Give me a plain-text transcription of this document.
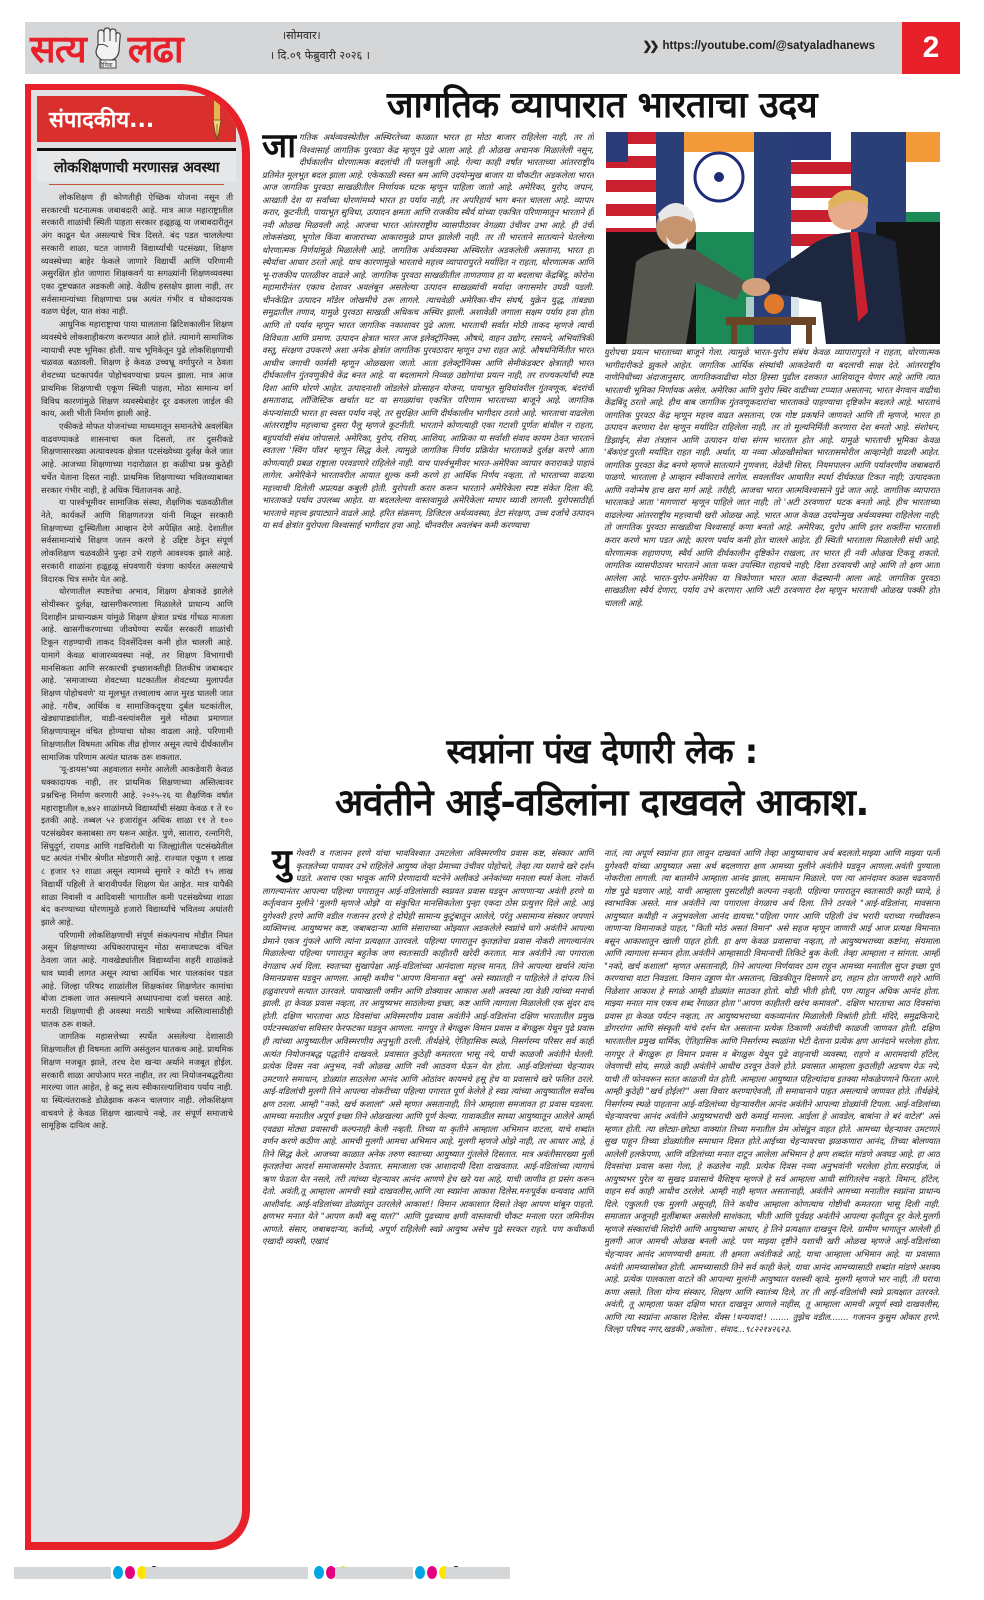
सत्य दैनिक लढा	।सोमवार।
। दि.०९ फेब्रुवारी २०२६ ।
❯❯ https://youtube.com/@satyaladhanews	2
संपादकीय...
लोकशिक्षणाची मरणासन्न अवस्था

लोकशिक्षण ही कोणतीही ऐच्छिक योजना नसून ती सरकारची घटनात्मक जबाबदारी आहे. मात्र आज महाराष्ट्रातील सरकारी शाळांची स्थिती पाहता सरकार हळूहळू या जबाबदारीतून अंग काढून घेत असल्याचे चित्र दिसते. बंद पडत चाललेल्या सरकारी शाळा, घटत जाणारी विद्यार्थ्यांची पटसंख्या, शिक्षण व्यवस्थेच्या बाहेर फेकले जाणारे विद्यार्थी आणि परिणामी असुरक्षित होत जाणारा शिक्षकवर्ग या सगळ्यांनी शिक्षणव्यवस्था एका दुष्टचक्रात अडकली आहे. वेळीच हस्तक्षेप झाला नाही, तर सर्वसामान्यांच्या शिक्षणाचा प्रश्न अत्यंत गंभीर व धोकादायक वळण घेईल, यात शंका नाही.

आधुनिक महाराष्ट्राचा पाया घालताना ब्रिटिशकालीन शिक्षण व्यवस्थेचे लोकशाहीकरण करण्यात आले होते. त्यामागे सामाजिक न्यायाची स्पष्ट भूमिका होती. याच भूमिकेतून पुढे लोकशिक्षणाची चळवळ बळावली. शिक्षण हे केवळ उच्चभ्रू वर्गापुरते न ठेवता शेवटच्या घटकापर्यंत पोहोचवण्याचा प्रयत्न झाला. मात्र आज प्राथमिक शिक्षणाची एकूण स्थिती पाहता, मोठा सामान्य वर्ग विविध कारणांमुळे शिक्षण व्यवस्थेबाहेर दूर ढकलला जाईल की काय, अशी भीती निर्माण झाली आहे.

एकीकडे मोफत योजनांच्या माध्यमातून समानतेचे अवलंबित वाढवण्याकडे शासनाचा कल दिसतो, तर दुसरीकडे शिक्षणासारख्या अत्यावश्यक क्षेत्रात पटसंख्येच्या दुर्लक्ष केले जात आहे. आजच्या शिक्षणाच्या गदारोळात हा कळीचा प्रश्न कुठेही चर्चेत येताना दिसत नाही. प्राथमिक शिक्षणाच्या भवितव्याबाबत सरकार गंभीर नाही, हे अधिक चिंताजनक आहे.

या पार्श्वभूमीवर सामाजिक संस्था, शैक्षणिक चळवळीतील नेते, कार्यकर्ते आणि शिक्षणतज्ज्ञ यांनी मिळून सरकारी शिक्षणाच्या दुःस्थितीला आव्हान देणे अपेक्षित आहे. देशातील सर्वसामान्यांचे शिक्षण जतन करणे हे उद्दिष्ट ठेवून संपूर्ण लोकशिक्षण चळवळीने पुन्हा उभे राहणे आवश्यक झाले आहे. सरकारी शाळांना हळूहळू संपवणारी यंत्रणा कार्यरत असल्याचे विदारक चित्र समोर येत आहे.

धोरणातील स्पष्टतेचा अभाव, शिक्षण क्षेत्राकडे झालेले सोयीस्कर दुर्लक्ष, खासगीकरणाला मिळालेले प्राधान्य आणि दिशाहीन प्राधान्यक्रम यांमुळे शिक्षण क्षेत्रात प्रचंड गोंधळ माजला आहे. खासगीकरणाच्या जीवघेण्या स्पर्धेत सरकारी शाळांची टिकून राहण्याची ताकद दिवसेंदिवस कमी होत चालली आहे. यामागे केवळ बाजारव्यवस्था नव्हे, तर शिक्षण विभागाची मानसिकता आणि सरकारची इच्छाशक्तीही तितकीच जबाबदार आहे. 'समाजाच्या शेवटच्या घटकातील शेवटच्या मुलापर्यंत शिक्षण पोहोचवणे' या मूलभूत तत्त्वालाच आज मुरड घातली जात आहे. गरीब, आर्थिक व सामाजिकदृष्ट्या दुर्बल घटकांतील, खेड्यापाड्यांतील, वाडी-वस्त्यांवरील मुले मोठ्या प्रमाणात शिक्षणापासून वंचित होण्याचा धोका वाढला आहे. परिणामी शिक्षणातील विषमता अधिक तीव्र होणार असून त्याचे दीर्घकालीन सामाजिक परिणाम अत्यंत घातक ठरू शकतात.

'यू-डायस'च्या अहवालात समोर आलेली आकडेवारी केवळ धक्कादायक नाही, तर प्राथमिक शिक्षणाच्या अस्तित्वावर प्रश्नचिन्ह निर्माण करणारी आहे. २०२५-२६ या शैक्षणिक वर्षात महाराष्ट्रातील ७,७४२ शाळांमध्ये विद्यार्थ्यांची संख्या केवळ १ ते १० इतकी आहे. तब्बल ५२ हजारांहून अधिक शाळा ११ ते १०० पटसंख्येवर कसाबसा तग धरून आहेत. पुणे, सातारा, रत्नागिरी, सिंधुदुर्ग, रायगड आणि गडचिरोली या जिल्ह्यांतील पटसंख्येतील घट अत्यंत गंभीर श्रेणीत मोडणारी आहे. राज्यात एकूण १ लाख ८ हजार ९२ शाळा असून त्यामध्ये सुमारे २ कोटी १५ लाख विद्यार्थी पहिली ते बारावीपर्यंत शिक्षण घेत आहेत. मात्र यापैकी शाळा निवासी व आदिवासी भागातील कमी पटसंख्येच्या शाळा बंद करण्याच्या धोरणामुळे हजारो विद्यार्थ्यांचे भवितव्य अधांतरी झाले आहे.

परिणामी लोकशिक्षणाची संपूर्ण संकल्पनाच मोडीत निघत असून शिक्षणाच्या अधिकारापासून मोठा समाजघटक वंचित ठेवला जात आहे. गावखेड्यांतील विद्यार्थ्यांना शहरी शाळांकडे धाव घ्यावी लागत असून त्याचा आर्थिक भार पालकांवर पडत आहे. जिल्हा परिषद शाळांतील शिक्षकांवर शिक्षणेतर कामांचा बोजा टाकला जात असल्याने अध्यापनाचा दर्जा घसरत आहे. मराठी शिक्षणाची ही अवस्था मराठी भाषेच्या अस्तित्वासाठीही घातक ठरू शकते.

जागतिक महासत्तेच्या स्पर्धेत असलेल्या देशासाठी शिक्षणातील ही विषमता आणि असंतुलन घातकच आहे. प्राथमिक शिक्षण मजबूत झाले, तरच देश खऱ्या अर्थाने मजबूत होईल. सरकारी शाळा आपोआप मरत नाहीत, तर त्या नियोजनबद्धरीत्या मारल्या जात आहेत, हे कटू सत्य स्वीकारल्याशिवाय पर्याय नाही. या स्थित्यंतराकडे डोळेझाक करून चालणार नाही. लोकशिक्षण वाचवणे हे केवळ शिक्षण खात्याचे नव्हे, तर संपूर्ण समाजाचे सामूहिक दायित्व आहे.

जागतिक व्यापारात भारताचा उदय
जा गतिक अर्थव्यवस्थेतील अस्थिरतेच्या काळात भारत हा मोठा बाजार राहिलेला नाही, तर तो विश्वासार्ह जागतिक पुरवठा केंद्र म्हणून पुढे आला आहे. ही ओळख अचानक मिळालेली नसून, दीर्घकालीन धोरणात्मक बदलांची ती फलश्रुती आहे. गेल्या काही वर्षांत भारताच्या आंतरराष्ट्रीय प्रतिमेत मूलभूत बदल झाला आहे. एकेकाळी स्वस्त श्रम आणि उदयोन्मुख बाजार या चौकटीत अडकलेला भारत आज जागतिक पुरवठा साखळीतील निर्णायक घटक म्हणून पाहिला जातो आहे. अमेरिका, युरोप, जपान, आखाती देश या सर्वांच्या धोरणांमध्ये भारत हा पर्याय नाही, तर अपरिहार्य भाग बनत चालला आहे. व्यापार करार, कूटनीती, पायाभूत सुविधा, उत्पादन क्षमता आणि राजकीय स्थैर्य यांच्या एकत्रित परिणामातून भारताने ही नवी ओळख मिळवली आहे. आजचा भारत आंतरराष्ट्रीय व्यासपीठावर वेगळ्या उंचीवर उभा आहे. ही उंची लोकसंख्या, भूगोल किंवा बाजाराच्या आकारामुळे प्राप्त झालेली नाही. तर ती भारताने सातत्याने घेतलेल्या धोरणात्मक निर्णयांमुळे मिळालेली आहे. जागतिक अर्थव्यवस्था अस्थिरतेत अडकलेली असताना, भारत हा स्थैर्याचा आधार ठरतो आहे. याच कारणामुळे भारताचे महत्त्व व्यापारापुरते मर्यादित न राहता, धोरणात्मक आणि भू-राजकीय पातळीवर वाढले आहे. जागतिक पुरवठा साखळीतील ताणतणाव हा या बदलाचा केंद्रबिंदू. कोरोना महामारीनंतर एकाच देशावर अवलंबून असलेल्या उत्पादन साखळ्यांची मर्यादा जगासमोर उघडी पडली. चीनकेंद्रित उत्पादन मॉडेल जोखमीचे ठरू लागले. त्याचवेळी अमेरिका-चीन संघर्ष, युक्रेन युद्ध, तांबड्या समुद्रातील तणाव, यामुळे पुरवठा साखळी अधिकच अस्थिर झाली. अशावेळी जगाला सक्षम पर्याय हवा होता आणि तो पर्याय म्हणून भारत जागतिक नकाशावर पुढे आला. भारताची सर्वांत मोठी ताकद म्हणजे त्याची विविधता आणि प्रमाण. उत्पादन क्षेत्रात भारत आज इलेक्ट्रॉनिक्स, औषधे, वाहन उद्योग, रसायने, अभियांत्रिकी वस्तू, संरक्षण उपकरणे अशा अनेक क्षेत्रांत जागतिक पुरवठादार म्हणून उभा राहत आहे. औषधनिर्मितीत भारत आधीच जगाची फार्मसी म्हणून ओळखला जातो. आता इलेक्ट्रॉनिक्स आणि सेमीकंडक्टर क्षेत्रातही भारत दीर्घकालीन गुंतवणुकीचे केंद्र बनत आहे. या बदलामागे निव्वळ उद्योगांचा प्रयत्न नाही, तर राज्यकर्त्यांची स्पष्ट दिशा आणि धोरणे आहेत. उत्पादनाशी जोडलेले प्रोत्साहन योजना, पायाभूत सुविधांवरील गुंतवणूक, बंदरांची क्षमतावाढ, लॉजिस्टिक खर्चात घट या सगळ्यांचा एकत्रित परिणाम भारताच्या बाजूने आहे. जागतिक कंपन्यांसाठी भारत हा स्वस्त पर्याय नव्हे, तर सुरक्षित आणि दीर्घकालीन भागीदार ठरतो आहे. भारताचा वाढलेला आंतरराष्ट्रीय महत्त्वाचा दुसरा पैलू म्हणजे कूटनीती. भारताने कोणत्याही एका गटाशी पूर्णतः बांधील न राहता, बहुपर्यायी संबंध जोपासले. अमेरिका, युरोप, रशिया, आशिया, आफ्रिका या सर्वांशी संवाद कायम ठेवत भारताने स्वतःला 'स्विंग पॉवर' म्हणून सिद्ध केले. त्यामुळे जागतिक निर्णय प्रक्रियेत भारताकडे दुर्लक्ष करणे आता कोणत्याही प्रबळ राष्ट्राला परवडणारे राहिलेले नाही. याच पार्श्वभूमीवर भारत-अमेरिका व्यापार कराराकडे पाहावे लागेल. अमेरिकेने भारतावरील आयात शुल्क कमी करणे हा आर्थिक निर्णय नव्हता. तो भारताच्या वाढत्या महत्त्वाची दिलेली अप्रत्यक्ष कबुली होती. युरोपशी करार करून भारताने अमेरिकेला स्पष्ट संकेत दिला की, भारताकडे पर्याय उपलब्ध आहेत. या बदललेल्या वास्तवामुळे अमेरिकेला माघार घ्यावी लागली. युरोपसाठीही भारताचे महत्त्व झपाट्याने वाढले आहे. हरित संक्रमण, डिजिटल अर्थव्यवस्था, डेटा संरक्षण, उच्च दर्जाचे उत्पादन या सर्व क्षेत्रांत युरोपला विश्वासार्ह भागीदार हवा आहे. चीनवरील अवलंबन कमी करण्याचा
युरोपचा प्रयत्न भारताच्या बाजूने गेला. त्यामुळे भारत-युरोप संबंध केवळ व्यापारापुरते न राहता, धोरणात्मक भागीदारीकडे झुकले आहेत. जागतिक आर्थिक संस्थांची आकडेवारी या बदलाची साक्ष देते. आंतरराष्ट्रीय नाणेनिधीच्या अंदाजानुसार, जागतिकवाढीचा मोठा हिस्सा पुढील दशकात आशियातून येणार आहे आणि त्यात भारताची भूमिका निर्णायक असेल. अमेरिका आणि युरोप स्थिर वाढीच्या टप्प्यात असताना, भारत वेगवान वाढीचा केंद्रबिंदू ठरतो आहे. हीच बाब जागतिक गुंतवणूकदारांचा भारताकडे पाहण्याचा दृष्टिकोन बदलते आहे. भारताचे जागतिक पुरवठा केंद्र म्हणून महत्त्व वाढत असताना, एक गोष्ट प्रकर्षाने जाणवते आणि ती म्हणजे, भारत हा उत्पादन करणारा देश म्हणून मर्यादित राहिलेला नाही, तर तो मूल्यनिर्मिती करणारा देश बनतो आहे. संशोधन, डिझाईन, सेवा तंत्रज्ञान आणि उत्पादन यांचा संगम भारतात होत आहे. यामुळे भारताची भूमिका केवळ 'बॅकएंड'पुरती मर्यादित राहत नाही. अर्थात, या नव्या ओळखीसोबत भारतासमोरील आव्हानेही वाढली आहेत. जागतिक पुरवठा केंद्र बनणे म्हणजे सातत्याने गुणवत्ता, वेळेची शिस्त, नियमपालन आणि पर्यावरणीय जबाबदारी पाळणे. भारताला हे आव्हान स्वीकारावे लागेल. सवलतींवर आधारित स्पर्धा दीर्घकाळ टिकत नाही; उत्पादकता आणि नवोन्मेष हाच खरा मार्ग आहे. तरीही, आजचा भारत आत्मविश्वासाने पुढे जात आहे. जागतिक व्यापारात भारताकडे आता 'मागणारा' म्हणून पाहिले जात नाही; तो 'अटी ठरवणारा' घटक बनतो आहे. हीच भारताच्या वाढलेल्या आंतरराष्ट्रीय महत्त्वाची खरी ओळख आहे. भारत आज केवळ उदयोन्मुख अर्थव्यवस्था राहिलेला नाही; तो जागतिक पुरवठा साखळीचा विश्वासार्ह कणा बनतो आहे. अमेरिका, युरोप आणि इतर शक्तींना भारताशी करार करणे भाग पडत आहे; कारण पर्याय कमी होत चालले आहेत. ही स्थिती भारताला मिळालेली संधी आहे. धोरणात्मक शहाणपण, स्थैर्य आणि दीर्घकालीन दृष्टिकोन राखला, तर भारत ही नवी ओळख टिकवू शकतो. जागतिक व्यासपीठावर भारताने आता फक्त उपस्थित राहायचे नाही; दिशा ठरवायची आहे आणि तो क्षण आता आलेला आहे. भारत-युरोप-अमेरिका या त्रिकोणात भारत आता केंद्रस्थानी आला आहे. जागतिक पुरवठा साखळीला स्थैर्य देणारा, पर्याय उभे करणारा आणि अटी ठरवणारा देश म्हणून भारताची ओळख पक्की होत चालली आहे.
स्वप्नांना पंख देणारी लेक :
अवंतीने आई-वडिलांना दाखवले आकाश.
यु गेश्वरी व गजानन हरणे यांचा भावविश्वात उमटलेला अविस्मरणीय प्रवास कष्ट, संस्कार आणि कृतज्ञतेच्या पायावर उभे राहिलेले आयुष्य जेव्हा प्रेमाच्या उंचीवर पोहोचते, तेव्हा त्या यशाचे खरे दर्शन घडते. अशाच एका भावूक आणि प्रेरणादायी घटनेने अलीकडे अनेकांच्या मनाला स्पर्श केला. नोकरी लागल्यानंतर आपल्या पहिल्या पगारातून आई-वडिलांसाठी स्वप्नवत प्रवास घडवून आणणाऱ्या अवंती हरणे या कर्तृत्ववान मुलीने 'मुलगी म्हणजे ओझे' या संकुचित मानसिकतेला पुन्हा एकदा ठोस प्रत्युत्तर दिले आहे. आई युगेश्वरी हरणे आणि वडील गजानन हरणे हे दोघेही सामान्य कुटुंबातून आलेले, परंतु असामान्य संस्कार जपणारे व्यक्तिमत्त्व. आयुष्यभर कष्ट, जबाबदाऱ्या आणि संसाराच्या ओझ्यात अडकलेले स्वप्नांचे धागे अवंतीने आपल्या प्रेमाने एकत्र गुंफले आणि त्यांना प्रत्यक्षात उतरवले. पहिल्या पगारातून कृतज्ञतेचा प्रवास नोकरी लागल्यानंतर मिळालेल्या पहिल्या पगारातून बहुतेक जण स्वतःसाठी काहीतरी खरेदी करतात. मात्र अवंतीने त्या पगाराला वेगळाच अर्थ दिला. स्वतःच्या सुखापेक्षा आई-वडिलांच्या आनंदाला महत्त्व मानत, तिने आपल्या खर्चाने त्यांना विमानप्रवास घडवून आणला. आम्ही कधीच "आपण विमानात बसू" असे स्वप्नातही न पाहिलेले ते दांपत्य तिने हळुवारपणे सत्यात उतरवले. पायाखाली जमीन आणि डोक्यावर आकाश अशी अवस्था त्या वेळी त्यांच्या मनाची झाली. हा केवळ प्रवास नव्हता, तर आयुष्यभर साठलेल्या इच्छा, कष्ट आणि त्यागाला मिळालेली एक सुंदर दाद होती. दक्षिण भारताचा आठ दिवसांचा अविस्मरणीय प्रवास अवंतीने आई-वडिलांना दक्षिण भारतातील प्रमुख पर्यटनस्थळांचा सविस्तर फेरफटका घडवून आणला. नागपूर ते बेंगळुरू विमान प्रवास व बेंगळुरू येथून पुढे प्रवास ही त्यांच्या आयुष्यातील अविस्मरणीय अनुभूती ठरली. तीर्थक्षेत्रे, ऐतिहासिक स्थळे, निसर्गरम्य परिसर सर्व काही अत्यंत नियोजनबद्ध पद्धतीने दाखवले. प्रवासात कुठेही कमतरता भासू नये, याची काळजी अवंतीने घेतली. प्रत्येक दिवस नवा अनुभव, नवी ओळख आणि नवी आठवण घेऊन येत होता. आई-वडिलांच्या चेहऱ्यावर उमटणारे समाधान, डोळ्यांत साठलेला आनंद आणि ओठांवर कायमचे हसू हेच या प्रवासाचे खरे फलित ठरले. आई-वडिलांची मुलगी तिने आपल्या नोकरीच्या पहिल्या पगारात पूर्ण केलेले हे स्वप्न त्यांच्या आयुष्यातील सर्वोच्च क्षण ठरला. आम्ही "नको, खर्च कशाला" असे म्हणत असतानाही, तिने आम्हाला समजावत हा प्रवास घडवला. आमच्या मनातील अपूर्ण इच्छा तिने ओळखल्या आणि पूर्ण केल्या. गावाकडील साध्या आयुष्यातून आलेले आम्ही एवढ्या मोठ्या प्रवासाची कल्पनाही केली नव्हती. तिच्या या कृतीने आम्हाला अभिमान वाटला, याचे शब्दांत वर्णन करणे कठीण आहे. आमची मुलगी आमचा अभिमान आहे. मुलगी म्हणजे ओझे नाही, तर आधार आहे, हे तिने सिद्ध केले. आजच्या काळात अनेक तरुण स्वतःच्या आयुष्यात गुंतलेले दिसतात. मात्र अवंतीसारख्या मुली कृतज्ञतेचा आदर्श समाजासमोर ठेवतात. समाजाला एक आशादायी दिशा दाखवतात. आई-वडिलांच्या त्यागाचे ऋण फेडता येत नसले, तरी त्यांच्या चेहऱ्यावर आनंद आणणे हेच खरे यश आहे, याची जाणीव हा प्रसंग करून देतो. अवंती,तू आम्हाला आमची स्वप्ने दाखवलीस,आणि त्या स्वप्नांना आकाश दिलेस.मनःपूर्वक धन्यवाद आणि आशीर्वाद. आई-वडिलांच्या डोळ्यांतून उतरलेले आकाश!! विमान आकाशात दिसते तेव्हा आपण थांबून पाहतो. क्षणभर मनात येते "आपण कधी बसू यात?" आणि पुढच्याच क्षणी वास्तवाची चौकट मनाला परत जमिनीवर आणते. संसार, जबाबदाऱ्या, कर्तव्ये, अपूर्ण राहिलेली स्वप्ने आयुष्य असेच पुढे सरकत राहते. पण कधीकधी एखादी व्यक्ती, एखादं
नातं, त्या अपूर्ण स्वप्नांना हात लावून दाखवतं आणि तेव्हा आयुष्याचाच अर्थ बदलतो.माझ्या आणि माझ्या पत्नी युगेश्वरी यांच्या आयुष्यात असा अर्थ बदलणारा क्षण आमच्या मुलीने अवंतीने घडवून आणला.अवंती पुण्याला नोकरीला लागली. त्या बातमीने आम्हाला आनंद झाला, समाधान मिळाले. पण त्या आनंदावर कळस चढवणारी गोष्ट पुढे घडणार आहे, याची आम्हाला पुसटशीही कल्पना नव्हती. पहिल्या पगारातून स्वतःसाठी काही घ्यावे, हे स्वाभाविक असते. मात्र अवंतीने त्या पगाराला वेगळाच अर्थ दिला. तिने ठरवले "आई-वडिलांना, मावसाना आयुष्यात कधीही न अनुभवलेला आनंद द्यायचा."पहिला पगार आणि पहिली उंच भरारी घराच्या गच्चीवरून जाणाऱ्या विमानाकडे पाहत, "किती मोठं असतं विमान" असे सहज म्हणून जाणारी आई आज प्रत्यक्ष विमानात बसून आकाशातून खाली पाहत होती. हा क्षण केवळ प्रवासाचा नव्हता, तो आयुष्यभराच्या कष्टांना, संयमाला आणि त्यागाला सन्मान होता.अवंतीने आम्हासाठी विमानाची तिकिटे बुक केली. तेव्हा आम्हाला न सांगता. आम्ही "नको, खर्च कशाला" म्हणत असतानाही, तिने आपल्या निर्णयावर ठाम राहून आमच्या मनातील सुप्त इच्छा पूर्ण करण्याचा वाटा निवडला. विमान उड्डाण घेत असताना, खिडकीतून दिसणारे ढग, लहान होत जाणारी शहरे आणि निळेशार आकाश हे सगळे आम्ही डोळ्यांत साठवत होतो. थोडी भीती होती, पण त्याहून अधिक आनंद होता. माझ्या मनात मात्र एकच शब्द रेंगाळत होता "आपण काहीतरी खरंच कमावलं". दक्षिण भारताचा आठ दिवसांचा प्रवास हा केवळ पर्यटन नव्हता, तर आयुष्यभराच्या थकव्यानंतर मिळालेली विश्रांती होती. मंदिरे, समुद्रकिनारे, डोंगररांगा आणि संस्कृती यांचे दर्शन घेत असताना प्रत्येक ठिकाणी अवंतीची काळजी जाणवत होती. दक्षिण भारतातील प्रमुख धार्मिक, ऐतिहासिक आणि निसर्गरम्य स्थळांना भेटी देताना प्रत्येक क्षण आनंदाने भरलेला होता. नागपूर ते बेंगळुरू हा विमान प्रवास व बेंगळुरू येथून पुढे वाहनाची व्यवस्था, राहणे व आरामदायी हॉटेल, जेवणाची सोय, सगळे काही अवंतीने आधीच ठरवून ठेवले होते. प्रवासात आम्हाला कुठलीही अडचण येऊ नये, याची ती फोनवरून सतत काळजी घेत होती. आम्हाला आयुष्यात पहिल्यांदाच इतक्या मोकळेपणाने फिरता आले. आम्ही कुठेही "खर्च होईल?" असा विचार करण्याऐवजी, ती समाधानाने पाहत असल्याचे जाणवत होते. तीर्थक्षेत्रे, निसर्गरम्य स्थळे पाहताना आई-वडिलांच्या चेहऱ्यावरील आनंद अवंतीने आपल्या डोळ्यांनी टिपला. आई-वडिलांच्या चेहऱ्यावरचा आनंद अवंतीने आयुष्यभराची खरी कमाई मानला. आईला हे आवडेल, बाबांना ते बरं वाटेल" असे म्हणत होती. त्या छोट्या-छोट्या वाक्यांत तिच्या मनातील प्रेम ओसंडून वाहत होते. आमच्या चेहऱ्यावर उमटणारे सुख पाहून तिच्या डोळ्यांतील समाधान दिसत होते.आईच्या चेहऱ्यावरचा झळकणारा आनंद, तिच्या बोलण्यात आलेली हलकेपणा, आणि वडिलांच्या मनात दाटून आलेला अभिमान हे क्षण शब्दांत मांडणे अवघड आहे. हा आठ दिवसांचा प्रवास कसा गेला, हे कळलेच नाही. प्रत्येक दिवस नव्या अनुभवांनी भरलेला होता.सरप्राईज, जे आयुष्यभर पुरेल या सुखद प्रवासाचे वैशिष्ट्य म्हणजे हे सर्व आम्हाला आधी सांगितलेच नव्हते. विमान, हॉटेल, वाहन सर्व काही आधीच ठरलेले. आम्ही नाही म्हणत असतानाही, अवंतीने आमच्या मनातील स्वप्नांना प्राधान्य दिले. एकुलती एक मुलगी असूनही, तिने कधीच आम्हाला कोणत्याच गोष्टीची कमतरता भासू दिली नाही. समाजात अजूनही मुलींबाबत असलेली साशंकता, भीती आणि पूर्वग्रह अवंतीने आपल्या कृतीतून दूर केले.मुलगी म्हणजे संस्कारांची शिदोरी आणि आयुष्याचा आधार, हे तिने प्रत्यक्षात दाखवून दिले. ग्रामीण भागातून आलेली ही मुलगी आज आमची ओळख बनली आहे. पण माझ्या दृष्टीने यशाची खरी ओळख म्हणजे आई-वडिलांच्या चेहऱ्यावर आनंद आणण्याची क्षमता. ती क्षमता अवंतीकडे आहे, याचा आम्हाला अभिमान आहे. या प्रवासात अवंती आमच्यासोबत होती. आमच्यासाठी तिने सर्व काही केले, याचा आनंद आमच्यासाठी शब्दांत मांडणे अशक्य आहे. प्रत्येक पालकाला वाटते की आपल्या मुलांनी आयुष्यात यशस्वी व्हावे. मुलगी म्हणजे भार नाही, ती घराचा कणा असते. तिला योग्य संस्कार, शिक्षण आणि स्वातंत्र्य दिले, तर ती आई-वडिलांची स्वप्ने प्रत्यक्षात उतरवते. अवंती, तू आम्हाला फक्त दक्षिण भारत दाखवून आणले नाहीस, तू आम्हाला आमची अपूर्ण स्वप्ने दाखवलीस, आणि त्या स्वप्नांना आकाश दिलेस. थँक्स !धन्यवाद!! ....... तुझेच वडील....... गजानन कुसुम ओंकार हरणे. जिल्हा परिषद नगर,खडकी ,अकोला . संवाद...९८२२१४२६२३.
